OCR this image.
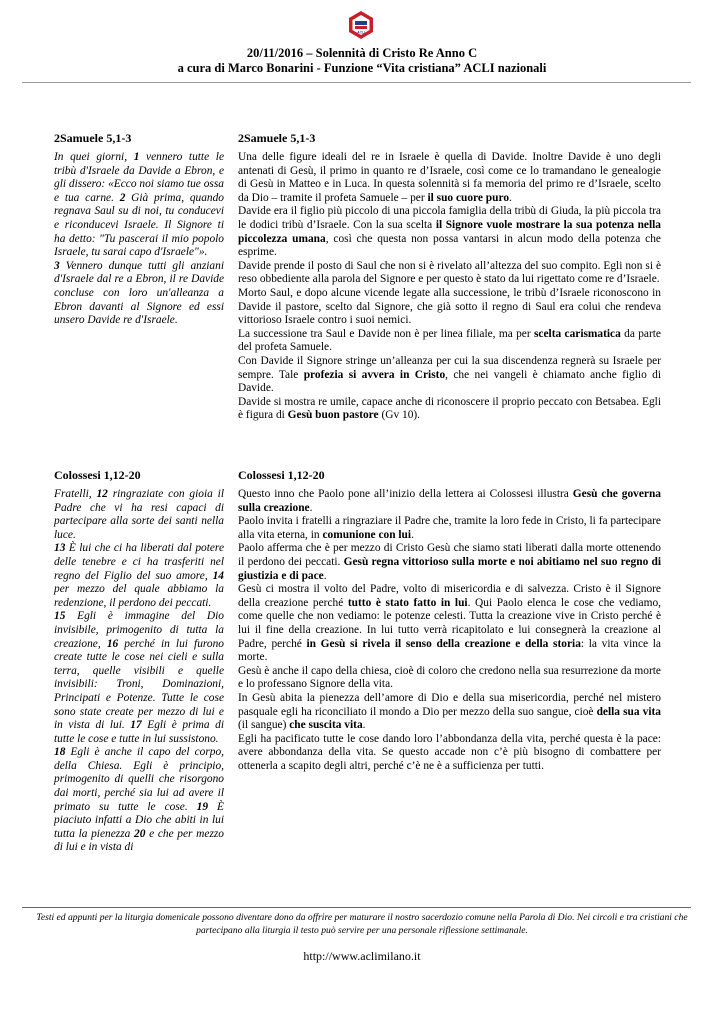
ACLI
20/11/2016 – Solennità di Cristo Re Anno C
a cura di Marco Bonarini - Funzione “Vita cristiana” ACLI nazionali
2Samuele 5,1-3	2Samuele 5,1-3
In quei giorni, 1 vennero tutte le tribù d'Israele da Davide a Ebron, e gli dissero: «Ecco noi siamo tue ossa e tua carne. 2 Già prima, quando regnava Saul su di noi, tu conducevi e riconducevi Israele. Il Signore ti ha detto: "Tu pascerai il mio popolo Israele, tu sarai capo d'Israele"».
3 Vennero dunque tutti gli anziani d'Israele dal re a Ebron, il re Davide concluse con loro un'alleanza a Ebron davanti al Signore ed essi unsero Davide re d'Israele.

Una delle figure ideali del re in Israele è quella di Davide. Inoltre Davide è uno degli antenati di Gesù, il primo in quanto re d’Israele, così come ce lo tramandano le genealogie di Gesù in Matteo e in Luca. In questa solennità si fa memoria del primo re d’Israele, scelto da Dio – tramite il profeta Samuele – per il suo cuore puro.

Davide era il figlio più piccolo di una piccola famiglia della tribù di Giuda, la più piccola tra le dodici tribù d’Israele. Con la sua scelta il Signore vuole mostrare la sua potenza nella piccolezza umana, così che questa non possa vantarsi in alcun modo della potenza che esprime.

Davide prende il posto di Saul che non si è rivelato all’altezza del suo compito. Egli non si è reso obbediente alla parola del Signore e per questo è stato da lui rigettato come re d’Israele.

Morto Saul, e dopo alcune vicende legate alla successione, le tribù d’Israele riconoscono in Davide il pastore, scelto dal Signore, che già sotto il regno di Saul era colui che rendeva vittorioso Israele contro i suoi nemici.

La successione tra Saul e Davide non è per linea filiale, ma per scelta carismatica da parte del profeta Samuele.

Con Davide il Signore stringe un’alleanza per cui la sua discendenza regnerà su Israele per sempre. Tale profezia si avvera in Cristo, che nei vangeli è chiamato anche figlio di Davide.

Davide si mostra re umile, capace anche di riconoscere il proprio peccato con Betsabea. Egli è figura di Gesù buon pastore (Gv 10).

Colossesi 1,12-20	Colossesi 1,12-20
Fratelli, 12 ringraziate con gioia il Padre che vi ha resi capaci di partecipare alla sorte dei santi nella luce.
13 È lui che ci ha liberati dal potere delle tenebre e ci ha trasferiti nel regno del Figlio del suo amore, 14 per mezzo del quale abbiamo la redenzione, il perdono dei peccati.
15 Egli è immagine del Dio invisibile, primogenito di tutta la creazione, 16 perché in lui furono create tutte le cose nei cieli e sulla terra, quelle visibili e quelle invisibili: Troni, Dominazioni, Principati e Potenze. Tutte le cose sono state create per mezzo di lui e in vista di lui. 17 Egli è prima di tutte le cose e tutte in lui sussistono.
18 Egli è anche il capo del corpo, della Chiesa. Egli è principio, primogenito di quelli che risorgono dai morti, perché sia lui ad avere il primato su tutte le cose. 19 È piaciuto infatti a Dio che abiti in lui tutta la pienezza 20 e che per mezzo di lui e in vista di

Questo inno che Paolo pone all’inizio della lettera ai Colossesi illustra Gesù che governa sulla creazione.

Paolo invita i fratelli a ringraziare il Padre che, tramite la loro fede in Cristo, li fa partecipare alla vita eterna, in comunione con lui.

Paolo afferma che è per mezzo di Cristo Gesù che siamo stati liberati dalla morte ottenendo il perdono dei peccati. Gesù regna vittorioso sulla morte e noi abitiamo nel suo regno di giustizia e di pace.

Gesù ci mostra il volto del Padre, volto di misericordia e di salvezza. Cristo è il Signore della creazione perché tutto è stato fatto in lui. Qui Paolo elenca le cose che vediamo, come quelle che non vediamo: le potenze celesti. Tutta la creazione vive in Cristo perché è lui il fine della creazione. In lui tutto verrà ricapitolato e lui consegnerà la creazione al Padre, perché in Gesù si rivela il senso della creazione e della storia: la vita vince la morte.

Gesù è anche il capo della chiesa, cioè di coloro che credono nella sua resurrezione da morte e lo professano Signore della vita.

In Gesù abita la pienezza dell’amore di Dio e della sua misericordia, perché nel mistero pasquale egli ha riconciliato il mondo a Dio per mezzo della suo sangue, cioè della sua vita (il sangue) che suscita vita.

Egli ha pacificato tutte le cose dando loro l’abbondanza della vita, perché questa è la pace: avere abbondanza della vita. Se questo accade non c’è più bisogno di combattere per ottenerla a scapito degli altri, perché c’è ne è a sufficienza per tutti.

Testi ed appunti per la liturgia domenicale possono diventare dono da offrire per maturare il nostro sacerdozio comune nella Parola di Dio. Nei circoli e tra cristiani che partecipano alla liturgia il testo può servire per una personale riflessione settimanale.
http://www.aclimilano.it
